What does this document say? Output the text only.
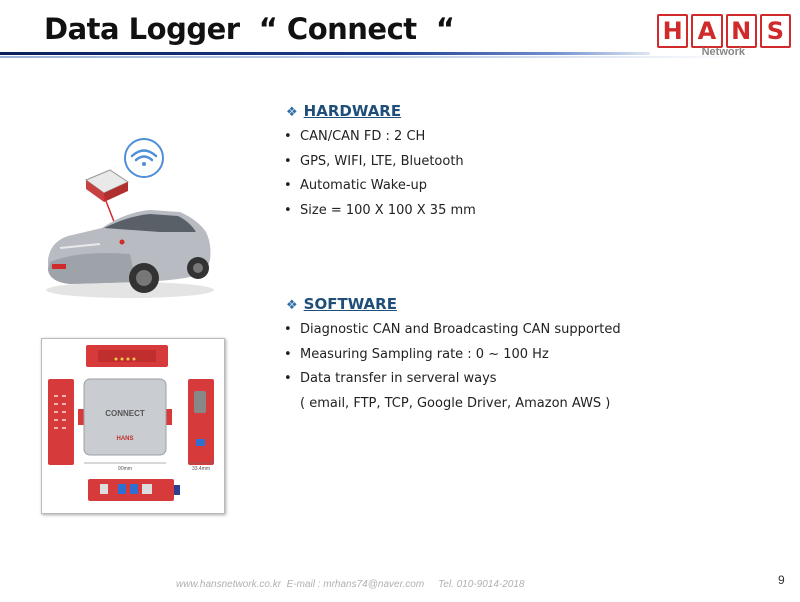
Data Logger  “ Connect  “	H A N S
Network
❖ HARDWARE
• CAN/CAN FD : 2 CH
• GPS, WIFI, LTE, Bluetooth
• Automatic Wake-up
• Size = 100 X 100 X 35 mm
❖ SOFTWARE
• Diagnostic CAN and Broadcasting CAN supported
• Measuring Sampling rate : 0 ~ 100 Hz
• Data transfer in serveral ways
( email, FTP, TCP, Google Driver, Amazon AWS )
CONNECT
HANS
90mm	33.4mm
www.hansnetwork.co.kr  E-mail : mrhans74@naver.com     Tel. 010-9014-2018	9
